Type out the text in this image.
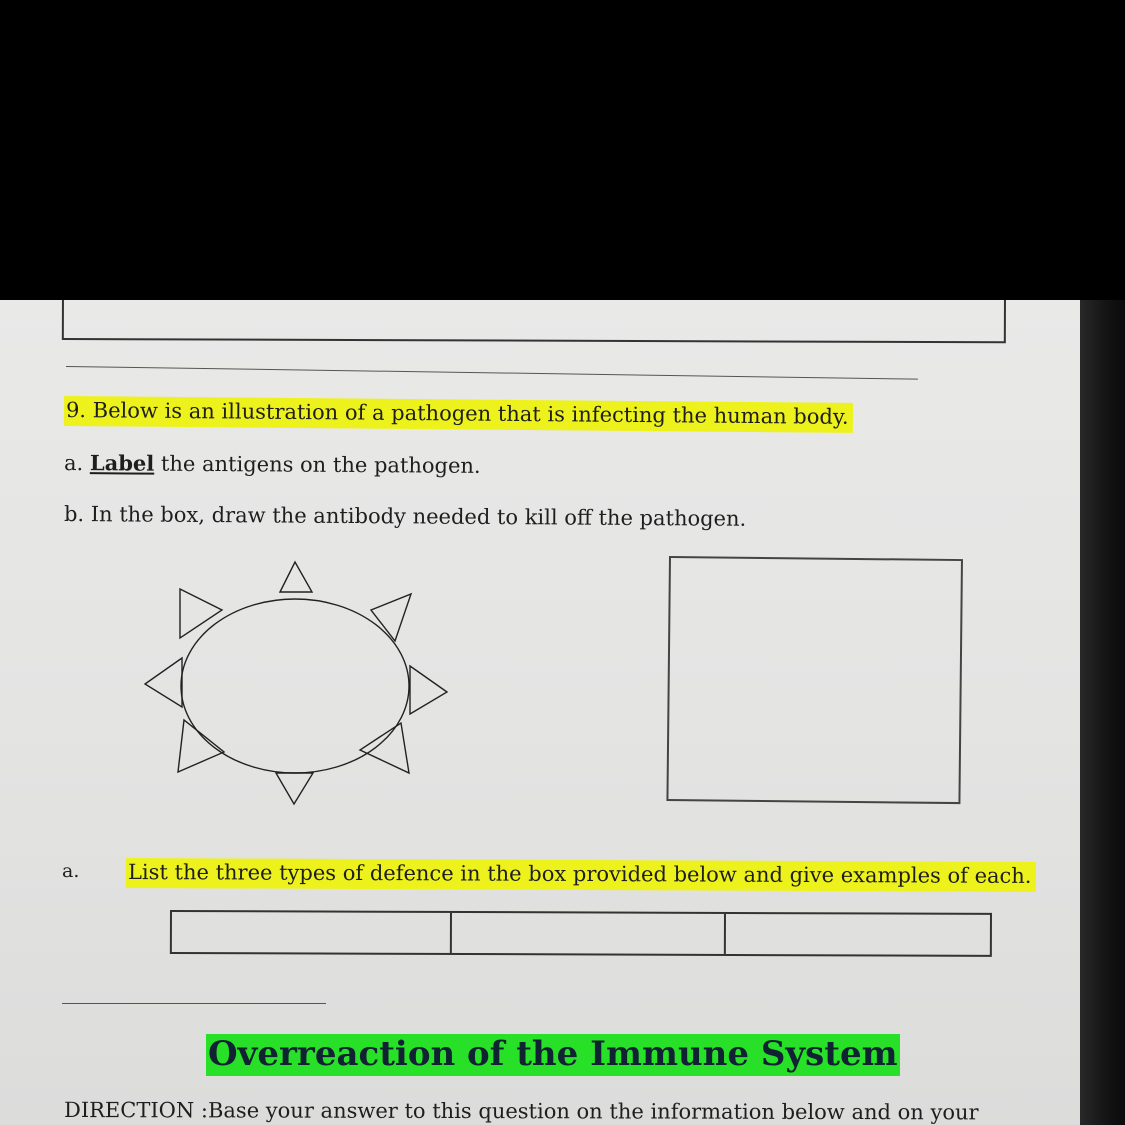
9. Below is an illustration of a pathogen that is infecting the human body.
a. Label the antigens on the pathogen.
b. In the box, draw the antibody needed to kill off the pathogen.
a. List the three types of defence in the box provided below and give examples of each.
Overreaction of the Immune System
DIRECTION :Base your answer to this question on the information below and on your
